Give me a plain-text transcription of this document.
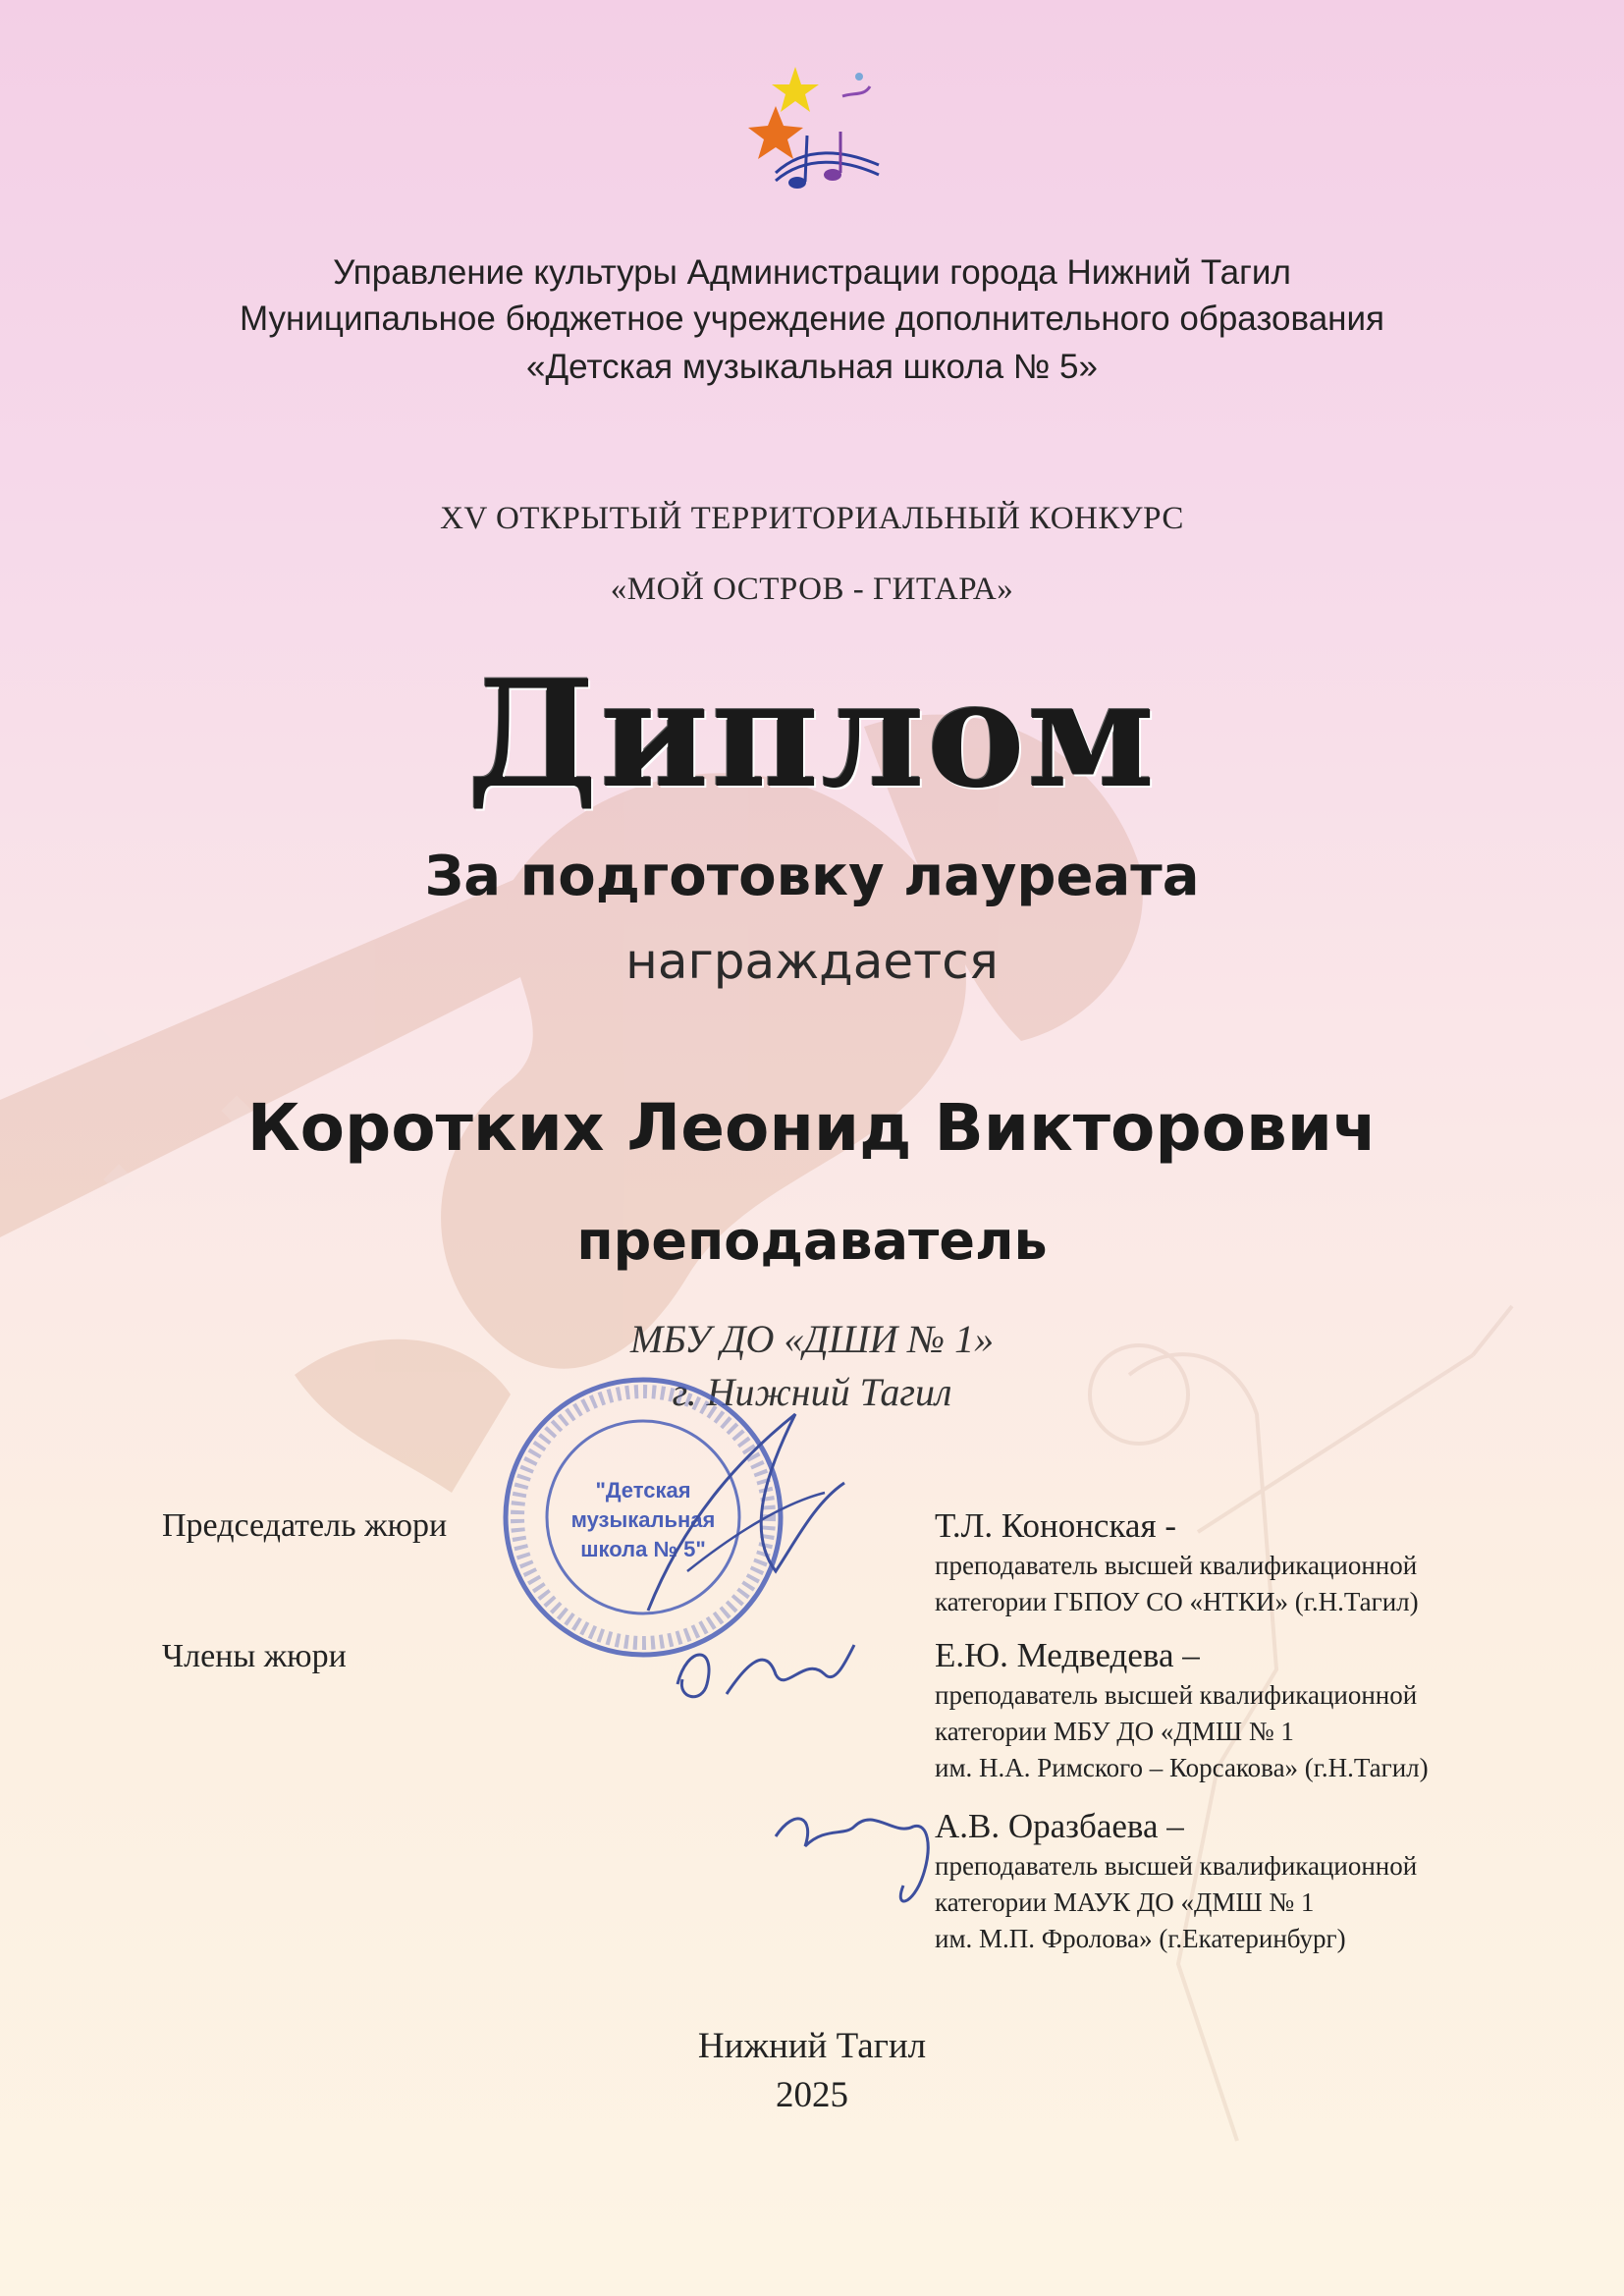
Управление культуры Администрации города Нижний Тагил
Муниципальное бюджетное учреждение дополнительного образования
«Детская музыкальная школа № 5»
XV ОТКРЫТЫЙ ТЕРРИТОРИАЛЬНЫЙ КОНКУРС
«МОЙ ОСТРОВ - ГИТАРА»
Диплом
За подготовку лауреата
награждается
Коротких Леонид Викторович
преподаватель
МБУ ДО «ДШИ № 1»
г. Нижний Тагил
"Детская
музыкальная
школа № 5"
Председатель жюри
Члены жюри
Т.Л. Кононская -
преподаватель высшей квалификационной
категории ГБПОУ СО «НТКИ» (г.Н.Тагил)
Е.Ю. Медведева –
преподаватель высшей квалификационной
категории МБУ ДО «ДМШ № 1
им. Н.А. Римского – Корсакова» (г.Н.Тагил)
А.В. Оразбаева –
преподаватель высшей квалификационной
категории МАУК ДО «ДМШ № 1
им. М.П. Фролова» (г.Екатеринбург)
Нижний Тагил
2025
